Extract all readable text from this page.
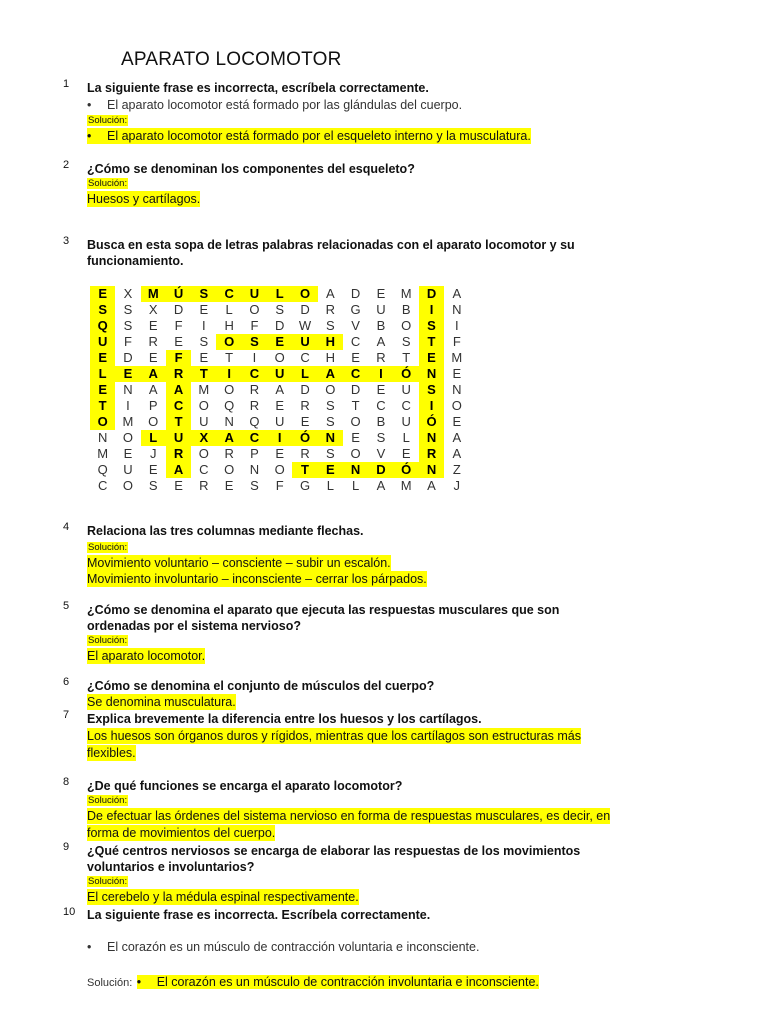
APARATO LOCOMOTOR
1	La siguiente frase es incorrecta, escríbela correctamente.
• El aparato locomotor está formado por las glándulas del cuerpo.
Solución:
• El aparato locomotor está formado por el esqueleto interno y la musculatura.
2	¿Cómo se denominan los componentes del esqueleto?
Solución:
Huesos y cartílagos.
3	Busca en esta sopa de letras palabras relacionadas con el aparato locomotor y su
funcionamiento.
E	X	M	Ú	S	C	U	L	O	A	D	E	M	D	A
S	S	X	D	E	L	O	S	D	R	G	U	B	I	N
Q	S	E	F	I	H	F	D	W	S	V	B	O	S	I
U	F	R	E	S	O	S	E	U	H	C	A	S	T	F
E	D	E	F	E	T	I	O	C	H	E	R	T	E	M
L	E	A	R	T	I	C	U	L	A	C	I	Ó	N	E
E	N	A	A	M	O	R	A	D	O	D	E	U	S	N
T	I	P	C	O	Q	R	E	R	S	T	C	C	I	O
O	M	O	T	U	N	Q	U	E	S	O	B	U	Ó	E
N	O	L	U	X	A	C	I	Ó	N	E	S	L	N	A
M	E	J	R	O	R	P	E	R	S	O	V	E	R	A
Q	U	E	A	C	O	N	O	T	E	N	D	Ó	N	Z
C	O	S	E	R	E	S	F	G	L	L	A	M	A	J
4	Relaciona las tres columnas mediante flechas.
Solución:
Movimiento voluntario – consciente – subir un escalón.
Movimiento involuntario – inconsciente – cerrar los párpados.
5	¿Cómo se denomina el aparato que ejecuta las respuestas musculares que son
ordenadas por el sistema nervioso?
Solución:
El aparato locomotor.
6	¿Cómo se denomina el conjunto de músculos del cuerpo?
Se denomina musculatura.
7	Explica brevemente la diferencia entre los huesos y los cartílagos.
Los huesos son órganos duros y rígidos, mientras que los cartílagos son estructuras más
flexibles.
8	¿De qué funciones se encarga el aparato locomotor?
Solución:
De efectuar las órdenes del sistema nervioso en forma de respuestas musculares, es decir, en
forma de movimientos del cuerpo.
9	¿Qué centros nerviosos se encarga de elaborar las respuestas de los movimientos
voluntarios e involuntarios?
Solución:
El cerebelo y la médula espinal respectivamente.
10 La siguiente frase es incorrecta. Escríbela correctamente.
• El corazón es un músculo de contracción voluntaria e inconsciente.
Solución: • El corazón es un músculo de contracción involuntaria e inconsciente.
